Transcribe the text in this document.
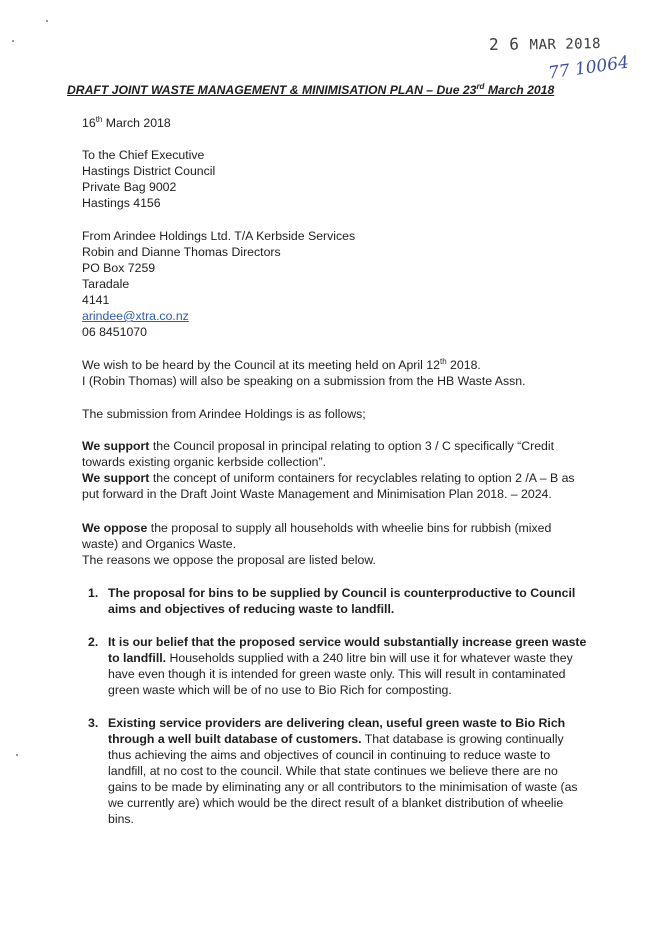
2 6 MAR 2018
77 10064
DRAFT JOINT WASTE MANAGEMENT & MINIMISATION PLAN – Due 23rd March 2018
16th March 2018
To the Chief Executive
Hastings District Council
Private Bag 9002
Hastings 4156
From Arindee Holdings Ltd. T/A Kerbside Services
Robin and Dianne Thomas Directors
PO Box 7259
Taradale
4141
arindee@xtra.co.nz
06 8451070
We wish to be heard by the Council at its meeting held on April 12th 2018.
I (Robin Thomas) will also be speaking on a submission from the HB Waste Assn.
The submission from Arindee Holdings is as follows;
We support the Council proposal in principal relating to option 3 / C specifically “Credit towards existing organic kerbside collection”.
We support the concept of uniform containers for recyclables relating to option 2 /A – B as put forward in the Draft Joint Waste Management and Minimisation Plan 2018. – 2024.
We oppose the proposal to supply all households with wheelie bins for rubbish (mixed waste) and Organics Waste.
The reasons we oppose the proposal are listed below.
1. The proposal for bins to be supplied by Council is counterproductive to Council aims and objectives of reducing waste to landfill.
2. It is our belief that the proposed service would substantially increase green waste to landfill. Households supplied with a 240 litre bin will use it for whatever waste they have even though it is intended for green waste only. This will result in contaminated green waste which will be of no use to Bio Rich for composting.
3. Existing service providers are delivering clean, useful green waste to Bio Rich through a well built database of customers. That database is growing continually thus achieving the aims and objectives of council in continuing to reduce waste to landfill, at no cost to the council. While that state continues we believe there are no gains to be made by eliminating any or all contributors to the minimisation of waste (as we currently are) which would be the direct result of a blanket distribution of wheelie bins.
